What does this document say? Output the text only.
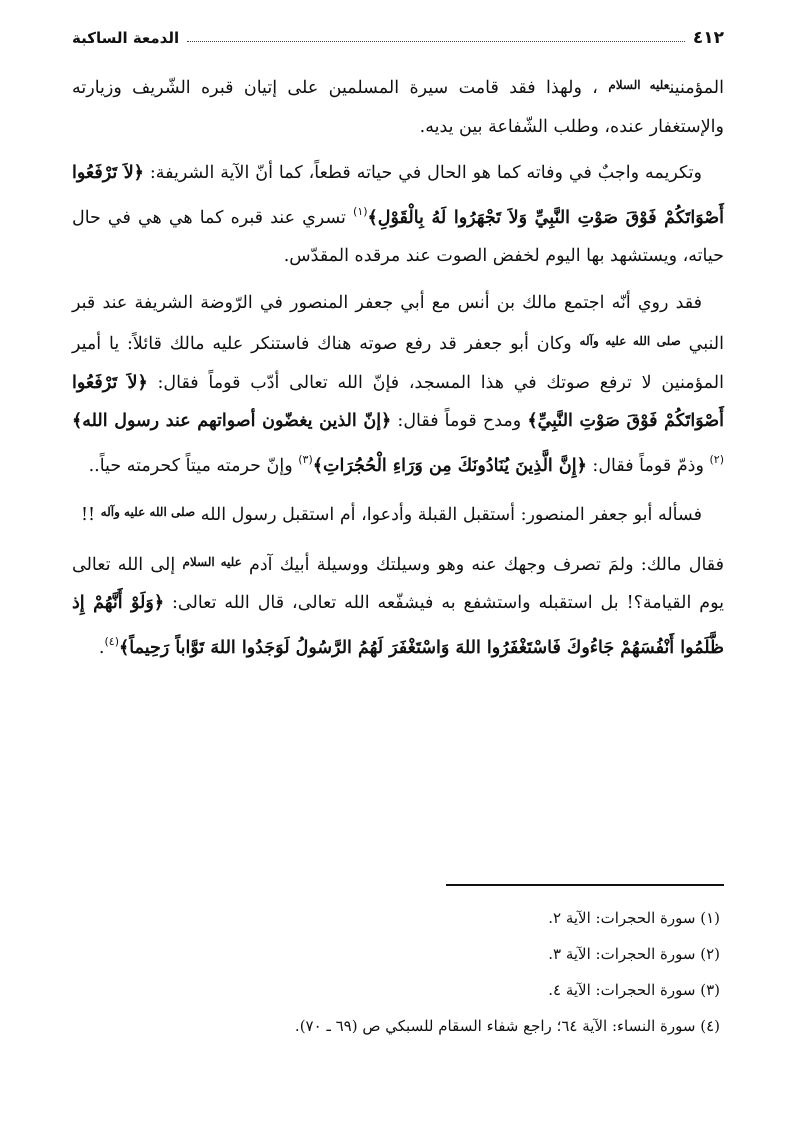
٤١٢
الدمعة الساكبة

المؤمنين$^{عليه السلام}$ ، ولهذا فقد قامت سيرة المسلمين على إتيان قبره الشّريف وزيارته والإستغفار عنده، وطلب الشّفاعة بين يديه.

وتكريمه واجبٌ في وفاته كما هو الحال في حياته قطعاً، كما أنّ الآية الشريفة: ﴿لاَ تَرْفَعُوا أَصْوَاتَكُمْ فَوْقَ صَوْتِ النَّبِيِّ وَلاَ تَجْهَرُوا لَهُ بِالْقَوْلِ﴾$^{(١)}$ تسري عند قبره كما هي هي في حال حياته، ويستشهد بها اليوم لخفض الصوت عند مرقده المقدّس.

فقد روي أنّه اجتمع مالك بن أنس مع أبي جعفر المنصور في الرّوضة الشريفة عند قبر النبي $^{صلى الله عليه وآله}$ وكان أبو جعفر قد رفع صوته هناك فاستنكر عليه مالك قائلاً: يا أمير المؤمنين لا ترفع صوتك في هذا المسجد، فإنّ الله تعالى أدّب قوماً فقال: ﴿لاَ تَرْفَعُوا أَصْوَاتَكُمْ فَوْقَ صَوْتِ النَّبِيِّ﴾ ومدح قوماً فقال: ﴿إنّ الذين يغضّون أصواتهم عند رسول الله﴾$^{(٢)}$ وذمّ قوماً فقال: ﴿إِنَّ الَّذِينَ يُنَادُونَكَ مِن وَرَاءِ الْحُجُرَاتِ﴾$^{(٣)}$ وإنّ حرمته ميتاً كحرمته حياً..

فسأله أبو جعفر المنصور: أستقبل القبلة وأدعوا، أم استقبل رسول الله $^{صلى الله عليه وآله}$ !!

فقال مالك: ولمَ تصرف وجهك عنه وهو وسيلتك ووسيلة أبيك آدم $^{عليه السلام}$ إلى الله تعالى يوم القيامة؟! بل استقبله واستشفع به فيشفّعه الله تعالى، قال الله تعالى: ﴿وَلَوْ أَنَّهُمْ إِذ ظَّلَمُوا أَنْفُسَهُمْ جَاءُوكَ فَاسْتَغْفَرُوا اللهَ وَاسْتَغْفَرَ لَهُمُ الرَّسُولُ لَوَجَدُوا اللهَ تَوَّاباً رَحِيماً﴾$^{(٤)}$.

(١) سورة الحجرات: الآية ٢.

(٢) سورة الحجرات: الآية ٣.

(٣) سورة الحجرات: الآية ٤.

(٤) سورة النساء: الآية ٦٤؛ راجع شفاء السقام للسبكي ص (٦٩ ـ ٧٠).
